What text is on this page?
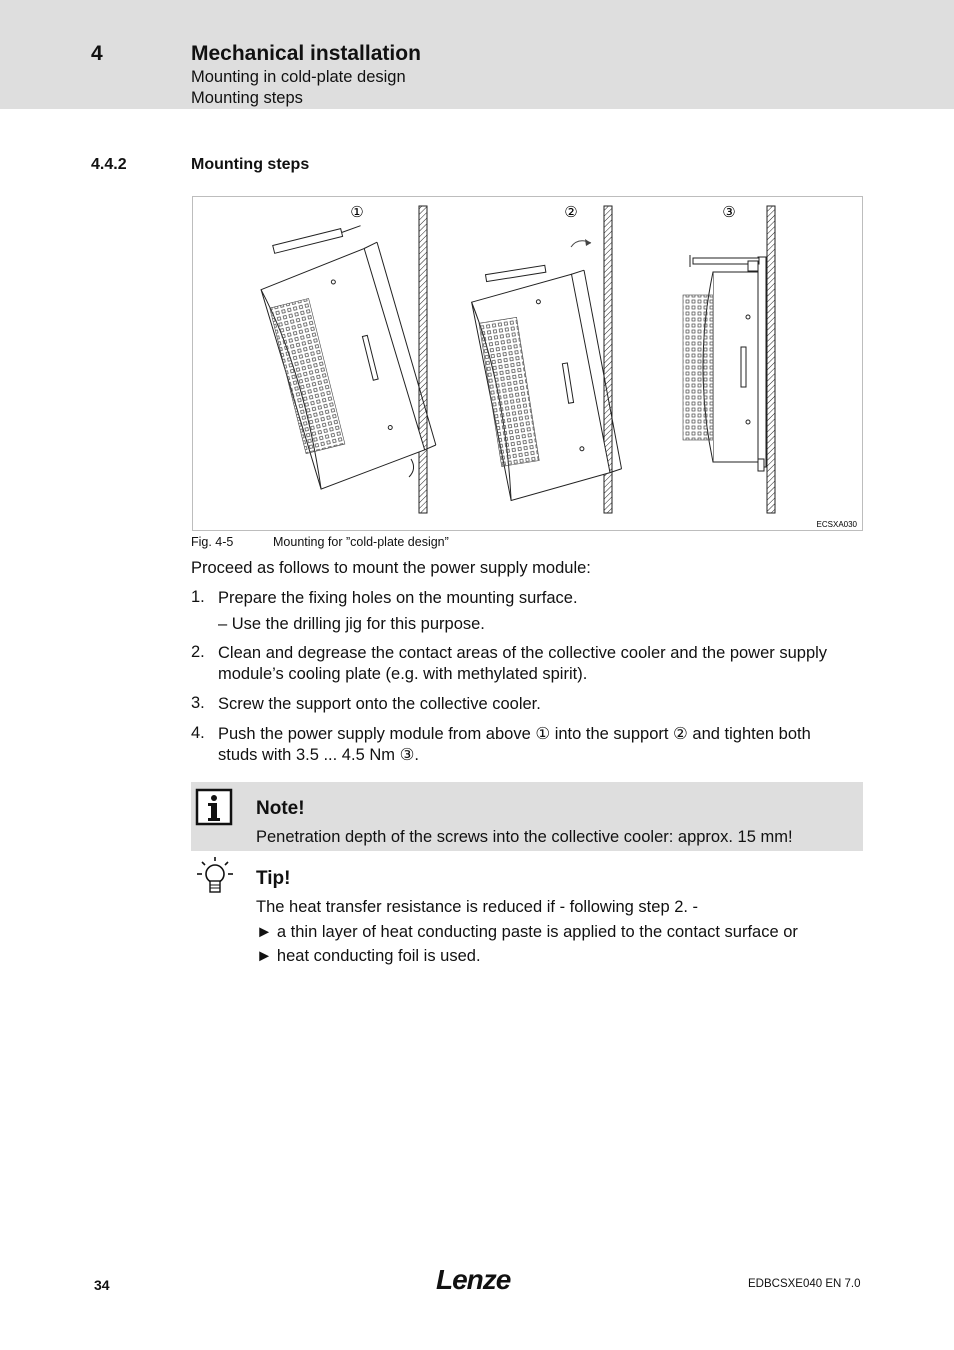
4	Mechanical installation
Mounting in cold-plate design
Mounting steps
4.4.2	Mounting steps
①	②	③
ECSXA030
Fig. 4-5	Mounting for ”cold-plate design”
Proceed as follows to mount the power supply module:
1. Prepare the fixing holes on the mounting surface.
– Use the drilling jig for this purpose.
2. Clean and degrease the contact areas of the collective cooler and the power supply
module’s cooling plate (e.g. with methylated spirit).
3. Screw the support onto the collective cooler.
4. Push the power supply module from above ① into the support ② and tighten both
studs with 3.5 ... 4.5 Nm ③.
Note!
Penetration depth of the screws into the collective cooler: approx. 15 mm!
Tip!
The heat transfer resistance is reduced if - following step 2. -
► a thin layer of heat conducting paste is applied to the contact surface or
► heat conducting foil is used.
34	Lenze	EDBCSXE040 EN 7.0
